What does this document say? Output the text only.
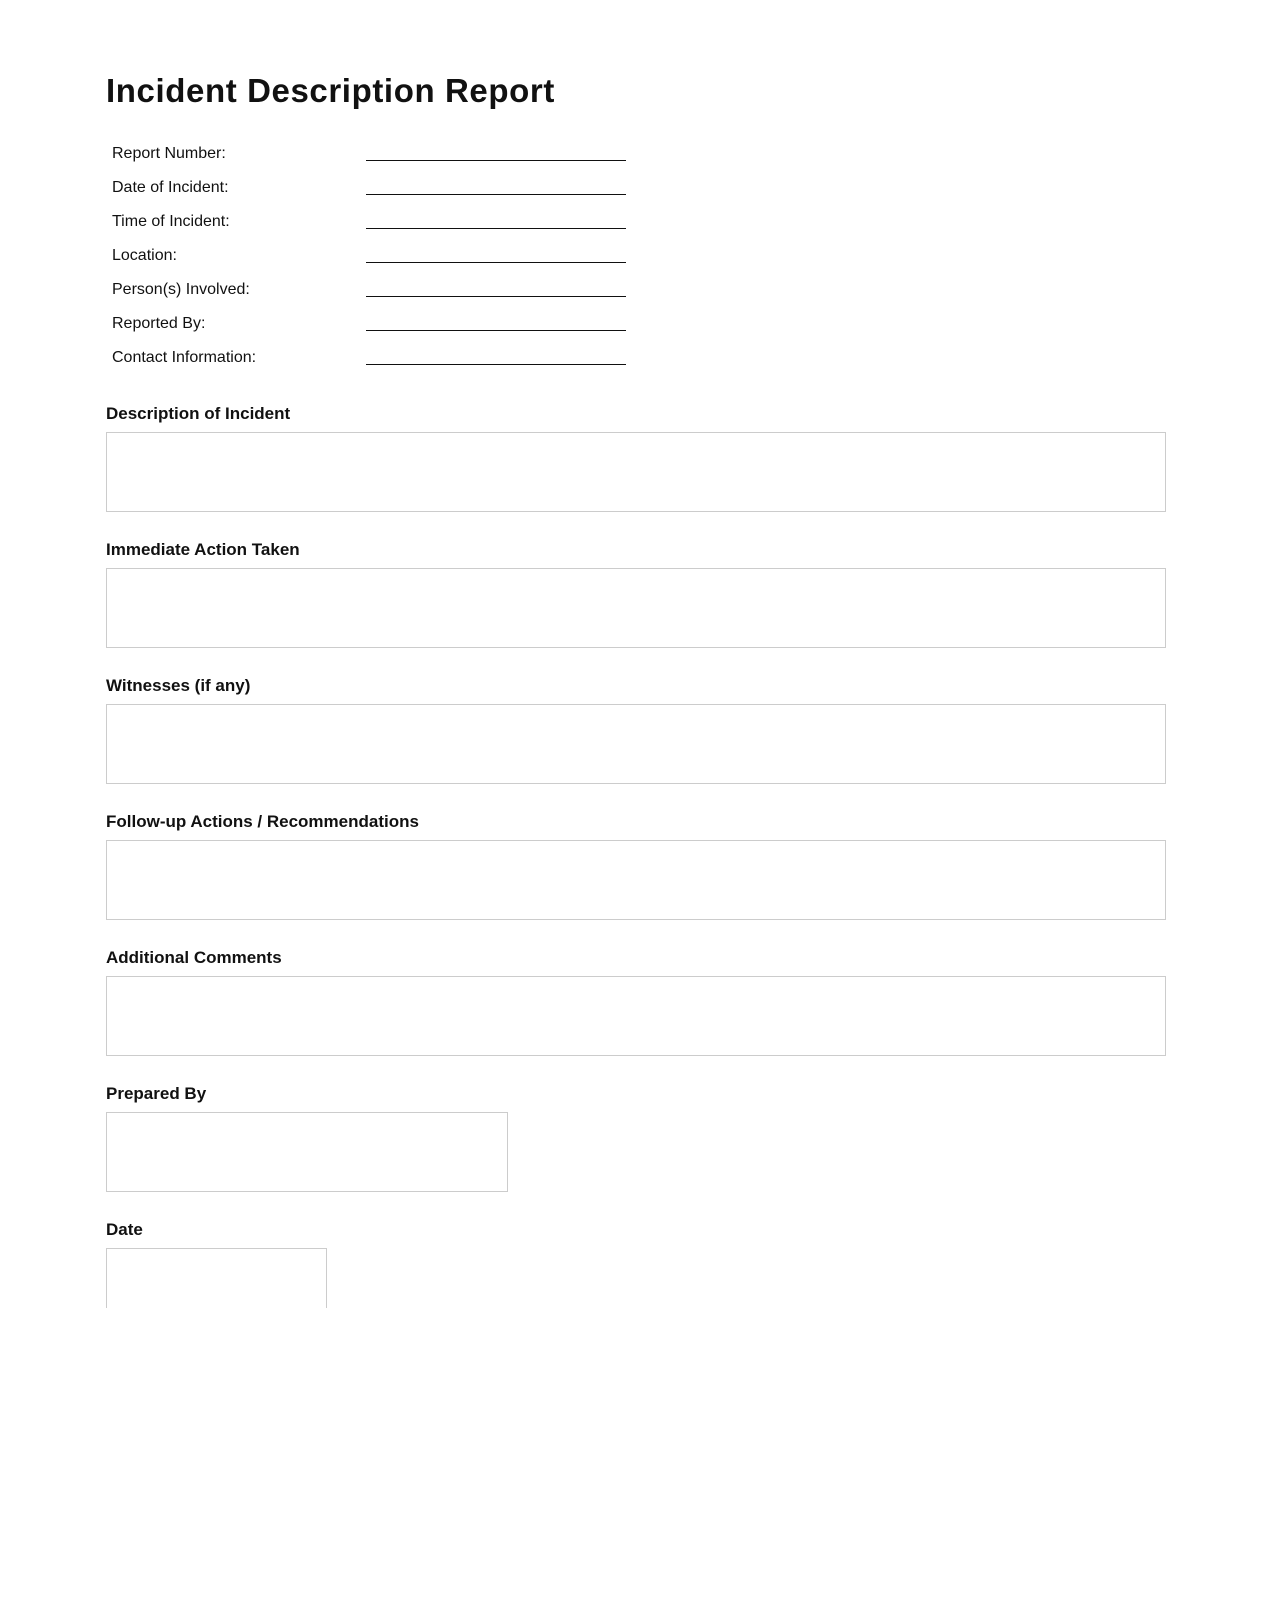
Incident Description Report
Report Number:
Date of Incident:
Time of Incident:
Location:
Person(s) Involved:
Reported By:
Contact Information:
Description of Incident
Immediate Action Taken
Witnesses (if any)
Follow-up Actions / Recommendations
Additional Comments
Prepared By
Date
